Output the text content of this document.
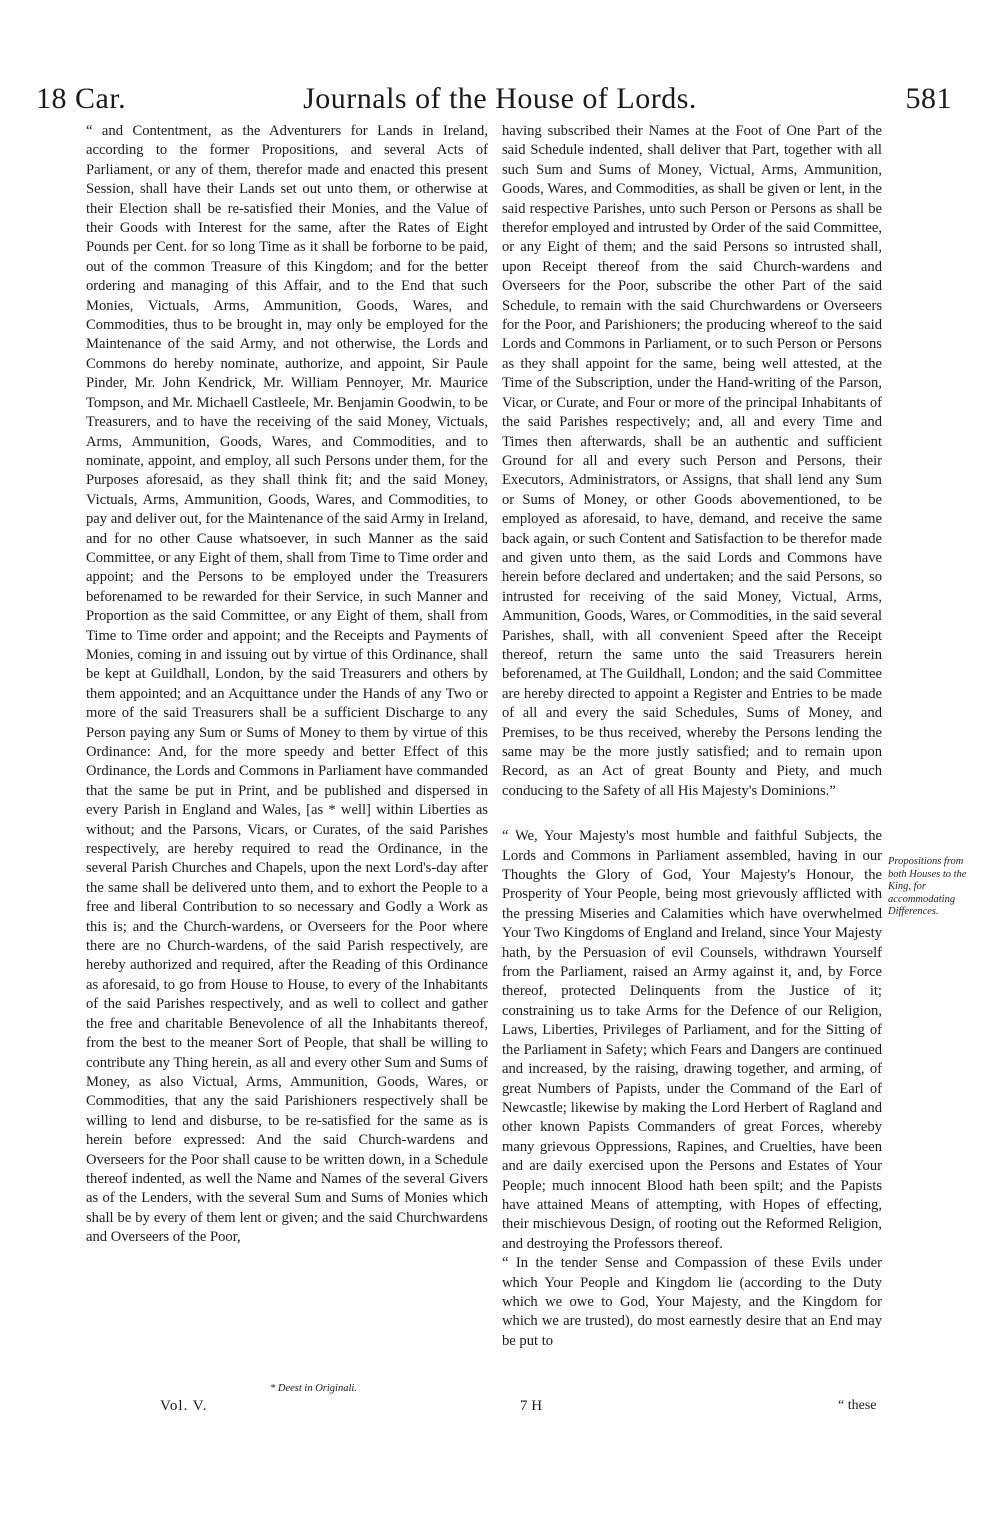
18 Car.	Journals of the House of Lords.	581

“ and Contentment, as the Adventurers for Lands in Ireland, according to the former Propositions, and several Acts of Parliament, or any of them, therefor made and enacted this present Session, shall have their Lands set out unto them, or otherwise at their Election shall be re-satisfied their Monies, and the Value of their Goods with Interest for the same, after the Rates of Eight Pounds per Cent. for so long Time as it shall be forborne to be paid, out of the common Treasure of this Kingdom; and for the better ordering and managing of this Affair, and to the End that such Monies, Victuals, Arms, Ammunition, Goods, Wares, and Commodities, thus to be brought in, may only be employed for the Maintenance of the said Army, and not otherwise, the Lords and Commons do hereby nominate, authorize, and appoint, Sir Paule Pinder, Mr. John Kendrick, Mr. William Pennoyer, Mr. Maurice Tompson, and Mr. Michaell Castleele, Mr. Benjamin Goodwin, to be Treasurers, and to have the receiving of the said Money, Victuals, Arms, Ammunition, Goods, Wares, and Commodities, and to nominate, appoint, and employ, all such Persons under them, for the Purposes aforesaid, as they shall think fit; and the said Money, Victuals, Arms, Ammunition, Goods, Wares, and Commodities, to pay and deliver out, for the Maintenance of the said Army in Ireland, and for no other Cause whatsoever, in such Manner as the said Committee, or any Eight of them, shall from Time to Time order and appoint; and the Persons to be employed under the Treasurers beforenamed to be rewarded for their Service, in such Manner and Proportion as the said Committee, or any Eight of them, shall from Time to Time order and appoint; and the Receipts and Payments of Monies, coming in and issuing out by virtue of this Ordinance, shall be kept at Guildhall, London, by the said Treasurers and others by them appointed; and an Acquittance under the Hands of any Two or more of the said Treasurers shall be a sufficient Discharge to any Person paying any Sum or Sums of Money to them by virtue of this Ordinance: And, for the more speedy and better Effect of this Ordinance, the Lords and Commons in Parliament have commanded that the same be put in Print, and be published and dispersed in every Parish in England and Wales, [as * well] within Liberties as without; and the Parsons, Vicars, or Curates, of the said Parishes respectively, are hereby required to read the Ordinance, in the several Parish Churches and Chapels, upon the next Lord's-day after the same shall be delivered unto them, and to exhort the People to a free and liberal Contribution to so necessary and Godly a Work as this is; and the Church-wardens, or Overseers for the Poor where there are no Church-wardens, of the said Parish respectively, are hereby authorized and required, after the Reading of this Ordinance as aforesaid, to go from House to House, to every of the Inhabitants of the said Parishes respectively, and as well to collect and gather the free and charitable Benevolence of all the Inhabitants thereof, from the best to the meaner Sort of People, that shall be willing to contribute any Thing herein, as all and every other Sum and Sums of Money, as also Victual, Arms, Ammunition, Goods, Wares, or Commodities, that any the said Parishioners respectively shall be willing to lend and disburse, to be re-satisfied for the same as is herein before expressed: And the said Church-wardens and Overseers for the Poor shall cause to be written down, in a Schedule thereof indented, as well the Name and Names of the several Givers as of the Lenders, with the several Sum and Sums of Monies which shall be by every of them lent or given; and the said Churchwardens and Overseers of the Poor,

having subscribed their Names at the Foot of One Part of the said Schedule indented, shall deliver that Part, together with all such Sum and Sums of Money, Victual, Arms, Ammunition, Goods, Wares, and Commodities, as shall be given or lent, in the said respective Parishes, unto such Person or Persons as shall be therefor employed and intrusted by Order of the said Committee, or any Eight of them; and the said Persons so intrusted shall, upon Receipt thereof from the said Church-wardens and Overseers for the Poor, subscribe the other Part of the said Schedule, to remain with the said Churchwardens or Overseers for the Poor, and Parishioners; the producing whereof to the said Lords and Commons in Parliament, or to such Person or Persons as they shall appoint for the same, being well attested, at the Time of the Subscription, under the Hand-writing of the Parson, Vicar, or Curate, and Four or more of the principal Inhabitants of the said Parishes respectively; and, all and every Time and Times then afterwards, shall be an authentic and sufficient Ground for all and every such Person and Persons, their Executors, Administrators, or Assigns, that shall lend any Sum or Sums of Money, or other Goods abovementioned, to be employed as aforesaid, to have, demand, and receive the same back again, or such Content and Satisfaction to be therefor made and given unto them, as the said Lords and Commons have herein before declared and undertaken; and the said Persons, so intrusted for receiving of the said Money, Victual, Arms, Ammunition, Goods, Wares, or Commodities, in the said several Parishes, shall, with all convenient Speed after the Receipt thereof, return the same unto the said Treasurers herein beforenamed, at The Guildhall, London; and the said Committee are hereby directed to appoint a Register and Entries to be made of all and every the said Schedules, Sums of Money, and Premises, to be thus received, whereby the Persons lending the same may be the more justly satisfied; and to remain upon Record, as an Act of great Bounty and Piety, and much conducing to the Safety of all His Majesty's Dominions.”

“ We, Your Majesty's most humble and faithful Subjects, the Lords and Commons in Parliament assembled, having in our Thoughts the Glory of God, Your Majesty's Honour, the Prosperity of Your People, being most grievously afflicted with the pressing Miseries and Calamities which have overwhelmed Your Two Kingdoms of England and Ireland, since Your Majesty hath, by the Persuasion of evil Counsels, withdrawn Yourself from the Parliament, raised an Army against it, and, by Force thereof, protected Delinquents from the Justice of it; constraining us to take Arms for the Defence of our Religion, Laws, Liberties, Privileges of Parliament, and for the Sitting of the Parliament in Safety; which Fears and Dangers are continued and increased, by the raising, drawing together, and arming, of great Numbers of Papists, under the Command of the Earl of Newcastle; likewise by making the Lord Herbert of Ragland and other known Papists Commanders of great Forces, whereby many grievous Oppressions, Rapines, and Cruelties, have been and are daily exercised upon the Persons and Estates of Your People; much innocent Blood hath been spilt; and the Papists have attained Means of attempting, with Hopes of effecting, their mischievous Design, of rooting out the Reformed Religion, and destroying the Professors thereof.

“ In the tender Sense and Compassion of these Evils under which Your People and Kingdom lie (according to the Duty which we owe to God, Your Majesty, and the Kingdom for which we are trusted), do most earnestly desire that an End may be put to

Propositions from both Houses to the King, for accommodating Differences.
* Deest in Originali.
Vol. V.	7 H	“ these
